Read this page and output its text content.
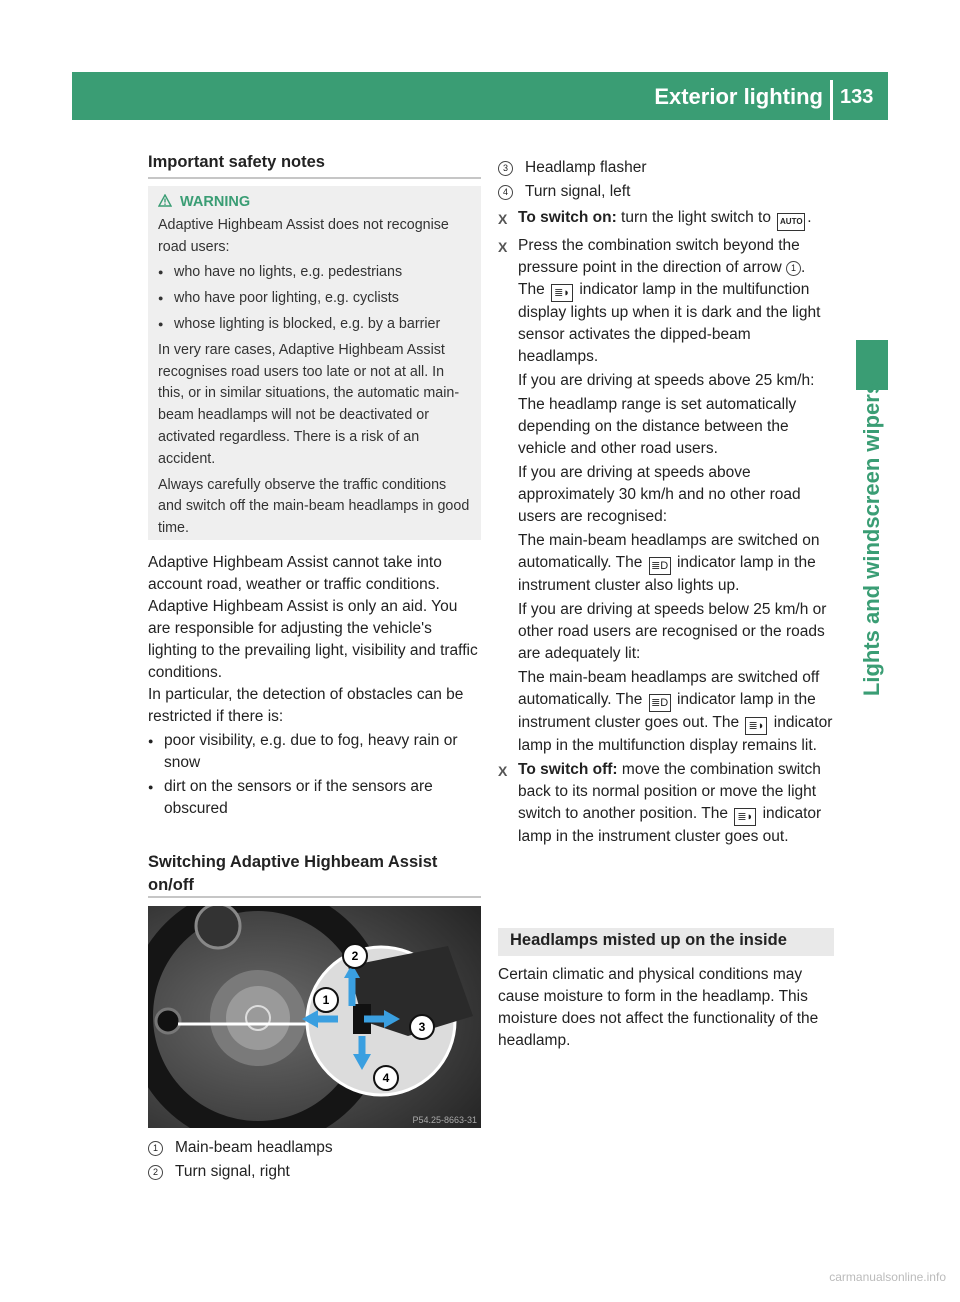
Exterior lighting 133
Lights and windscreen wipers
Important safety notes
WARNING
Adaptive Highbeam Assist does not recognise road users:
● who have no lights, e.g. pedestrians
● who have poor lighting, e.g. cyclists
● whose lighting is blocked, e.g. by a barrier
In very rare cases, Adaptive Highbeam Assist recognises road users too late or not at all. In this, or in similar situations, the automatic main-beam headlamps will not be deactivated or activated regardless. There is a risk of an accident.
Always carefully observe the traffic conditions and switch off the main-beam headlamps in good time.

Adaptive Highbeam Assist cannot take into account road, weather or traffic conditions. Adaptive Highbeam Assist is only an aid. You are responsible for adjusting the vehicle's lighting to the prevailing light, visibility and traffic conditions.

In particular, the detection of obstacles can be restricted if there is:

● poor visibility, e.g. due to fog, heavy rain or snow

● dirt on the sensors or if the sensors are obscured

Switching Adaptive Highbeam Assist on/off
1
2
3
4
P54.25-8663-31

1 Main-beam headlamps

2 Turn signal, right

3 Headlamp flasher

4 Turn signal, left

X To switch on: turn the light switch to AUTO .

X Press the combination switch beyond the pressure point in the direction of arrow 1 . The ≣◗ indicator lamp in the multifunction display lights up when it is dark and the light sensor activates the dipped-beam headlamps.

If you are driving at speeds above 25 km/h:

The headlamp range is set automatically depending on the distance between the vehicle and other road users.

If you are driving at speeds above approximately 30 km/h and no other road users are recognised:

The main-beam headlamps are switched on automatically. The ≣D indicator lamp in the instrument cluster also lights up.

If you are driving at speeds below 25 km/h or other road users are recognised or the roads are adequately lit:

The main-beam headlamps are switched off automatically. The ≣D indicator lamp in the instrument cluster goes out. The ≣◗ indicator lamp in the multifunction display remains lit.

X To switch off: move the combination switch back to its normal position or move the light switch to another position. The ≣◗ indicator lamp in the instrument cluster goes out.

Headlamps misted up on the inside

Certain climatic and physical conditions may cause moisture to form in the headlamp. This moisture does not affect the functionality of the headlamp.

carmanualsonline.info
